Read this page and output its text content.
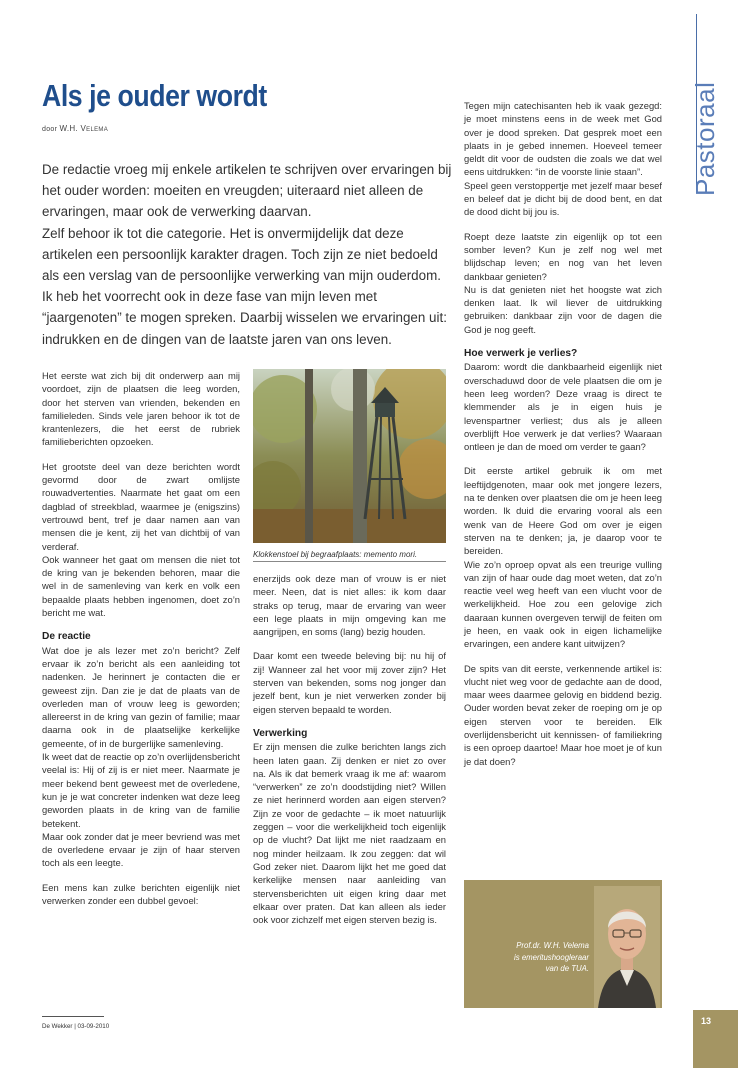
Pastoraal
Als je ouder wordt
door W.H. Velema

De redactie vroeg mij enkele artikelen te schrijven over ervaringen bij het ouder worden: moeiten en vreugden; uiteraard niet alleen de ervaringen, maar ook de verwerking daarvan.

Zelf behoor ik tot die categorie. Het is onvermijdelijk dat deze artikelen een persoonlijk karakter dragen. Toch zijn ze niet bedoeld als een verslag van de persoonlijke verwerking van mijn ouderdom. Ik heb het voorrecht ook in deze fase van mijn leven met “jaargenoten” te mogen spreken. Daarbij wisselen we ervaringen uit: indrukken en de dingen van de laatste jaren van ons leven.

Het eerste wat zich bij dit onderwerp aan mij voordoet, zijn de plaatsen die leeg worden, door het sterven van vrienden, bekenden en familieleden. Sinds vele jaren behoor ik tot de krantenlezers, die het eerst de rubriek familieberichten opzoeken.

Het grootste deel van deze berichten wordt gevormd door de zwart omlijste rouwadvertenties. Naarmate het gaat om een dagblad of streekblad, waarmee je (enigszins) vertrouwd bent, tref je daar namen aan van mensen die je kent, zij het van dichtbij of van verderaf.

Ook wanneer het gaat om mensen die niet tot de kring van je bekenden behoren, maar die wel in de samenleving van kerk en volk een bepaalde plaats hebben ingenomen, doet zo’n bericht me wat.

De reactie

Wat doe je als lezer met zo’n bericht? Zelf ervaar ik zo’n bericht als een aanleiding tot nadenken. Je herinnert je contacten die er geweest zijn. Dan zie je dat de plaats van de overleden man of vrouw leeg is geworden; allereerst in de kring van gezin of familie; maar daarna ook in de plaatselijke kerkelijke gemeente, of in de burgerlijke samenleving.

Ik weet dat de reactie op zo’n overlijdensbericht veelal is: Hij of zij is er niet meer. Naarmate je meer bekend bent geweest met de overledene, kun je je wat concreter indenken wat deze leeg geworden plaats in de kring van de familie betekent.

Maar ook zonder dat je meer bevriend was met de overledene ervaar je zijn of haar sterven toch als een leegte.

Een mens kan zulke berichten eigenlijk niet verwerken zonder een dubbel gevoel:

Klokkenstoel bij begraafplaats: memento mori.

enerzijds ook deze man of vrouw is er niet meer. Neen, dat is niet alles: ik kom daar straks op terug, maar de ervaring van weer een lege plaats in mijn omgeving kan me aangrijpen, en soms (lang) bezig houden.

Daar komt een tweede beleving bij: nu hij of zij! Wanneer zal het voor mij zover zijn? Het sterven van bekenden, soms nog jonger dan jezelf bent, kun je niet verwerken zonder bij eigen sterven bepaald te worden.

Verwerking

Er zijn mensen die zulke berichten langs zich heen laten gaan. Zij denken er niet zo over na. Als ik dat bemerk vraag ik me af: waarom “verwerken” ze zo’n doodstijding niet? Willen ze niet herinnerd worden aan eigen sterven? Zijn ze voor de gedachte – ik moet natuurlijk zeggen – voor die werkelijkheid toch eigenlijk op de vlucht? Dat lijkt me niet raadzaam en nog minder heilzaam. Ik zou zeggen: dat wil God zeker niet. Daarom lijkt het me goed dat kerkelijke mensen naar aanleiding van stervensberichten uit eigen kring daar met elkaar over praten. Dat kan alleen als ieder ook voor zichzelf met eigen sterven bezig is.

Tegen mijn catechisanten heb ik vaak gezegd: je moet minstens eens in de week met God over je dood spreken. Dat gesprek moet een plaats in je gebed innemen. Hoeveel temeer geldt dit voor de oudsten die zoals we dat wel eens uitdrukken: “in de voorste linie staan”.

Speel geen verstoppertje met jezelf maar besef en beleef dat je dicht bij de dood bent, en dat de dood dicht bij jou is.

Roept deze laatste zin eigenlijk op tot een somber leven? Kun je zelf nog wel met blijdschap leven; en nog van het leven dankbaar genieten?

Nu is dat genieten niet het hoogste wat zich denken laat. Ik wil liever de uitdrukking gebruiken: dankbaar zijn voor de dagen die God je nog geeft.

Hoe verwerk je verlies?

Daarom: wordt die dankbaarheid eigenlijk niet overschaduwd door de vele plaatsen die om je heen leeg worden? Deze vraag is direct te klemmender als je in eigen huis je levenspartner verliest; dus als je alleen overblijft Hoe verwerk je dat verlies? Waaraan ontleen je dan de moed om verder te gaan?

Dit eerste artikel gebruik ik om met leeftijdgenoten, maar ook met jongere lezers, na te denken over plaatsen die om je heen leeg worden. Ik duid die ervaring vooral als een wenk van de Heere God om over je eigen sterven na te denken; ja, je daarop voor te bereiden.

Wie zo’n oproep opvat als een treurige vulling van zijn of haar oude dag moet weten, dat zo’n reactie veel weg heeft van een vlucht voor de werkelijkheid. Hoe zou een gelovige zich daaraan kunnen overgeven terwijl de feiten om je heen, en vaak ook in eigen lichamelijke ervaringen, een andere kant uitwijzen?

De spits van dit eerste, verkennende artikel is: vlucht niet weg voor de gedachte aan de dood, maar wees daarmee gelovig en biddend bezig. Ouder worden bevat zeker de roeping om je op eigen sterven voor te bereiden. Elk overlijdensbericht uit kennissen- of familiekring is een oproep daartoe! Maar hoe moet je of kun je dat doen?

Prof.dr. W.H. Velema
is emeritushoogleraar
van de TUA.
De Wekker | 03-09-2010
13
